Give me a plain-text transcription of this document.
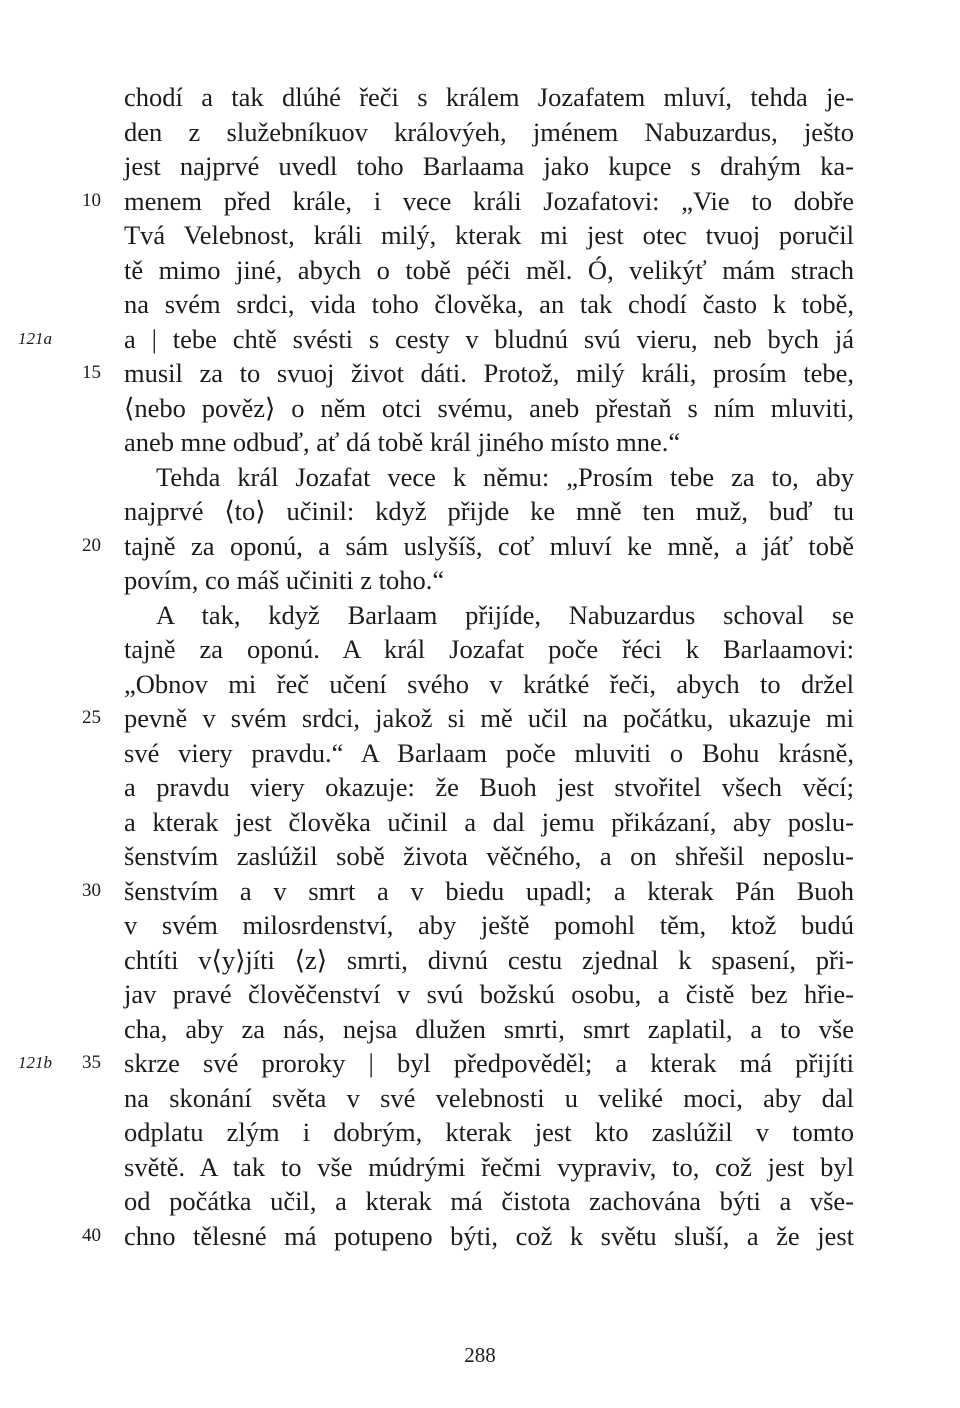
chodí a tak dlúhé řeči s králem Jozafatem mluví, tehda je-
den z služebníkuov královýeh, jménem Nabuzardus, ješto
jest najprvé uvedl toho Barlaama jako kupce s drahým ka-
menem před krále, i vece králi Jozafatovi: „Vie to dobře
Tvá Velebnost, králi milý, kterak mi jest otec tvuoj poručil
tě mimo jiné, abych o tobě péči měl. Ó, velikýť mám strach
na svém srdci, vida toho člověka, an tak chodí často k tobě,
a | tebe chtě svésti s cesty v bludnú svú vieru, neb bych já
musil za to svuoj život dáti. Protož, milý králi, prosím tebe,
⟨nebo pověz⟩ o něm otci svému, aneb přestaň s ním mluviti,
aneb mne odbuď, ať dá tobě král jiného místo mne.“
Tehda král Jozafat vece k němu: „Prosím tebe za to, aby
najprvé ⟨to⟩ učinil: když přijde ke mně ten muž, buď tu
tajně za oponú, a sám uslyšíš, coť mluví ke mně, a jáť tobě
povím, co máš učiniti z toho.“
A tak, když Barlaam přijíde, Nabuzardus schoval se
tajně za oponú. A král Jozafat poče řéci k Barlaamovi:
„Obnov mi řeč učení svého v krátké řeči, abych to držel
pevně v svém srdci, jakož si mě učil na počátku, ukazuje mi
své viery pravdu.“ A Barlaam poče mluviti o Bohu krásně,
a pravdu viery okazuje: že Buoh jest stvořitel všech věcí;
a kterak jest člověka učinil a dal jemu přikázaní, aby poslu-
šenstvím zaslúžil sobě života věčného, a on shřešil neposlu-
šenstvím a v smrt a v biedu upadl; a kterak Pán Buoh
v svém milosrdenství, aby ještě pomohl těm, ktož budú
chtíti v⟨y⟩jíti ⟨z⟩ smrti, divnú cestu zjednal k spasení, při-
jav pravé člověčenství v svú božskú osobu, a čistě bez hřie-
cha, aby za nás, nejsa dlužen smrti, smrt zaplatil, a to vše
skrze své proroky | byl předpověděl; a kterak má přijíti
na skonání světa v své velebnosti u veliké moci, aby dal
odplatu zlým i dobrým, kterak jest kto zaslúžil v tomto
světě. A tak to vše múdrými řečmi vypraviv, to, což jest byl
od počátka učil, a kterak má čistota zachována býti a vše-
chno tělesné má potupeno býti, což k světu sluší, a že jest
10
15
20
25
30
35
40
121a
121b
288
